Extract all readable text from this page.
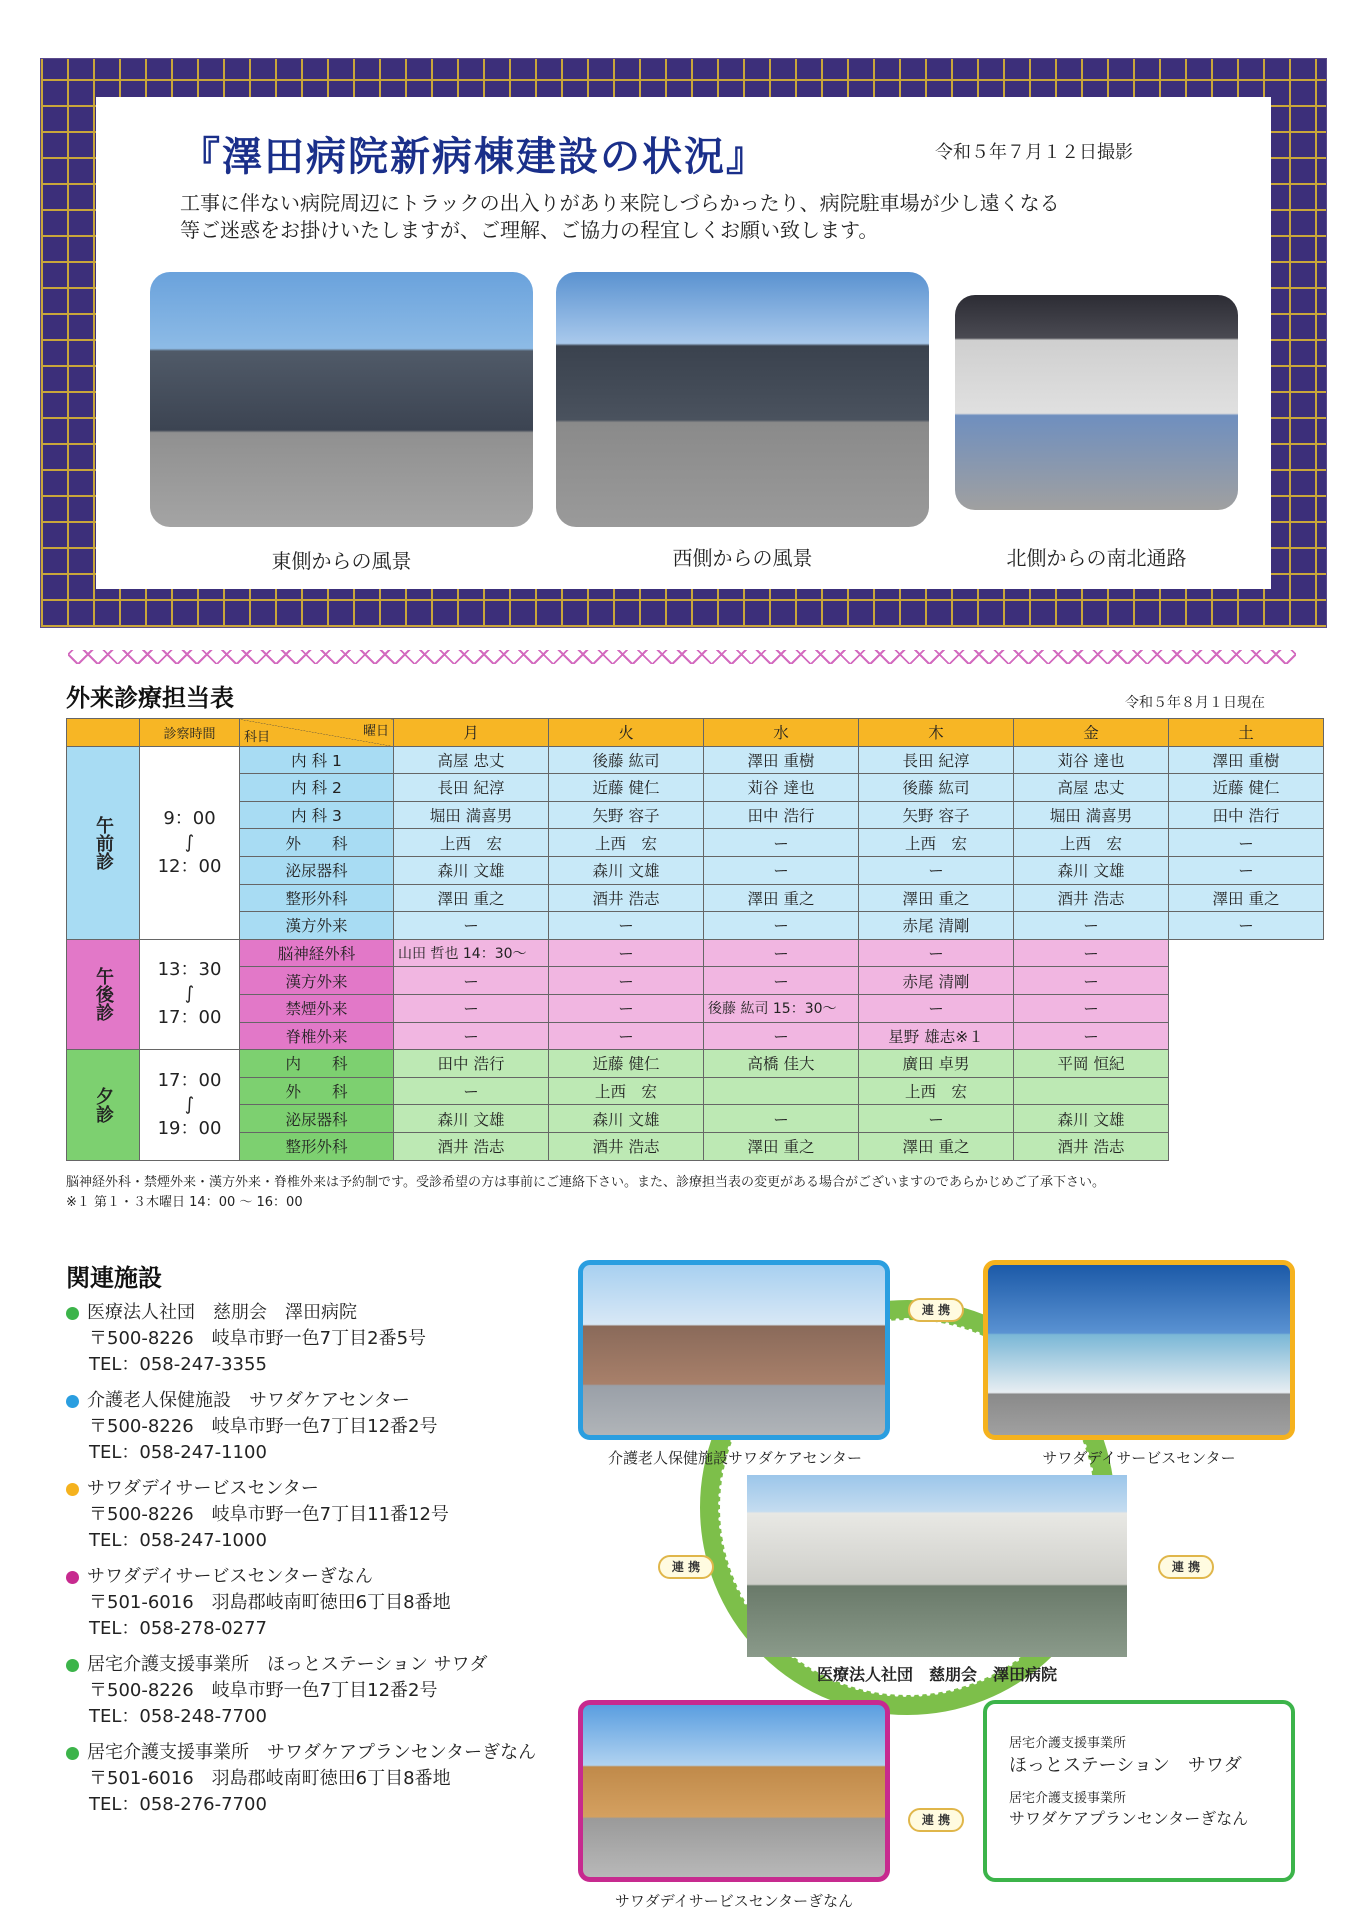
『澤田病院新病棟建設の状況』	令和５年７月１２日撮影
工事に伴ない病院周辺にトラックの出入りがあり来院しづらかったり、病院駐車場が少し遠くなる
等ご迷惑をお掛けいたしますが、ご理解、ご協力の程宜しくお願い致します。
東側からの風景	西側からの風景	北側からの南北通路
外来診療担当表	令和５年８月１日現在
	診察時間	曜日
科目	月	火	水	木	金	土
午前診	9：00
∫
12：00	内 科 1	高屋 忠丈	後藤 紘司	澤田 重樹	長田 紀淳	苅谷 達也	澤田 重樹
		内 科 2	長田 紀淳	近藤 健仁	苅谷 達也	後藤 紘司	高屋 忠丈	近藤 健仁
		内 科 3	堀田 満喜男	矢野 容子	田中 浩行	矢野 容子	堀田 満喜男	田中 浩行
		外　　科	上西　宏	上西　宏	ー	上西　宏	上西　宏	ー
		泌尿器科	森川 文雄	森川 文雄	ー	ー	森川 文雄	ー
		整形外科	澤田 重之	酒井 浩志	澤田 重之	澤田 重之	酒井 浩志	澤田 重之
		漢方外来	ー	ー	ー	赤尾 清剛	ー	ー
午後診	13：30
∫
17：00	脳神経外科	山田 哲也 14：30～	ー	ー	ー	ー	
		漢方外来	ー	ー	ー	赤尾 清剛	ー	
		禁煙外来	ー	ー	後藤 紘司 15：30～	ー	ー	
		脊椎外来	ー	ー	ー	星野 雄志※１	ー	
夕診	17：00
∫
19：00	内　　科	田中 浩行	近藤 健仁	高橋 佳大	廣田 卓男	平岡 恒紀	
		外　　科	ー	上西　宏		上西　宏		
		泌尿器科	森川 文雄	森川 文雄	ー	ー	森川 文雄	
		整形外科	酒井 浩志	酒井 浩志	澤田 重之	澤田 重之	酒井 浩志	
脳神経外科・禁煙外来・漢方外来・脊椎外来は予約制です。受診希望の方は事前にご連絡下さい。また、診療担当表の変更がある場合がございますのであらかじめご了承下さい。
※１ 第１・３木曜日 14：00 ～ 16：00
関連施設
医療法人社団　慈朋会　澤田病院
〒500-8226　岐阜市野一色7丁目2番5号
TEL：058-247-3355
介護老人保健施設　サワダケアセンター
〒500-8226　岐阜市野一色7丁目12番2号
TEL：058-247-1100
サワダデイサービスセンター
〒500-8226　岐阜市野一色7丁目11番12号
TEL：058-247-1000
サワダデイサービスセンターぎなん
〒501-6016　羽島郡岐南町徳田6丁目8番地
TEL：058-278-0277
居宅介護支援事業所　ほっとステーション サワダ
〒500-8226　岐阜市野一色7丁目12番2号
TEL：058-248-7700
居宅介護支援事業所　サワダケアプランセンターぎなん
〒501-6016　羽島郡岐南町徳田6丁目8番地
TEL：058-276-7700
介護老人保健施設サワダケアセンター	サワダデイサービスセンター
医療法人社団　慈朋会　澤田病院
サワダデイサービスセンターぎなん
居宅介護支援事業所
ほっとステーション　サワダ
居宅介護支援事業所
サワダケアプランセンターぎなん
連 携
連 携	連 携
連 携
